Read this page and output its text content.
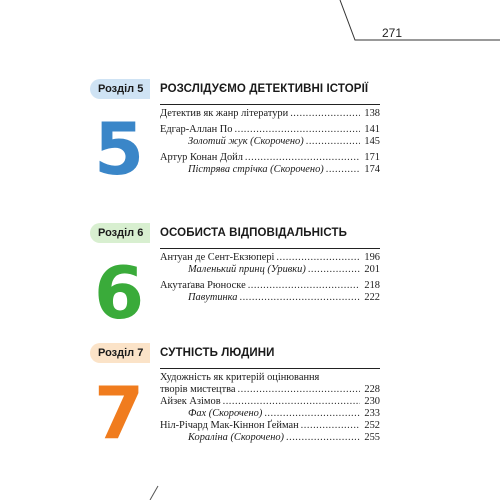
271
Розділ 5	РОЗСЛІДУЄМО ДЕТЕКТИВНІ ІСТОРІЇ
5 Детектив як жанр літератури .....	138
Едгар-Аллан По .....	141
Золотий жук (Скорочено) .....	145
Артур Конан Дойл .....	171
Пістрява стрічка (Скорочено) .....	174
Розділ 6	ОСОБИСТА ВІДПОВІДАЛЬНІСТЬ
6 Антуан де Сент-Екзюпері .....	196
Маленький принц (Уривки) .....	201
Акутаґава Рюноске .....	218
Павутинка .....	222
Розділ 7	СУТНІСТЬ ЛЮДИНИ
7 Художність як критерій оцінювання
творів мистецтва .....	228
Айзек Азімов .....	230
Фах (Скорочено) .....	233
Ніл-Річард Мак-Кіннон Ґейман .....	252
Кораліна (Скорочено) .....	255
